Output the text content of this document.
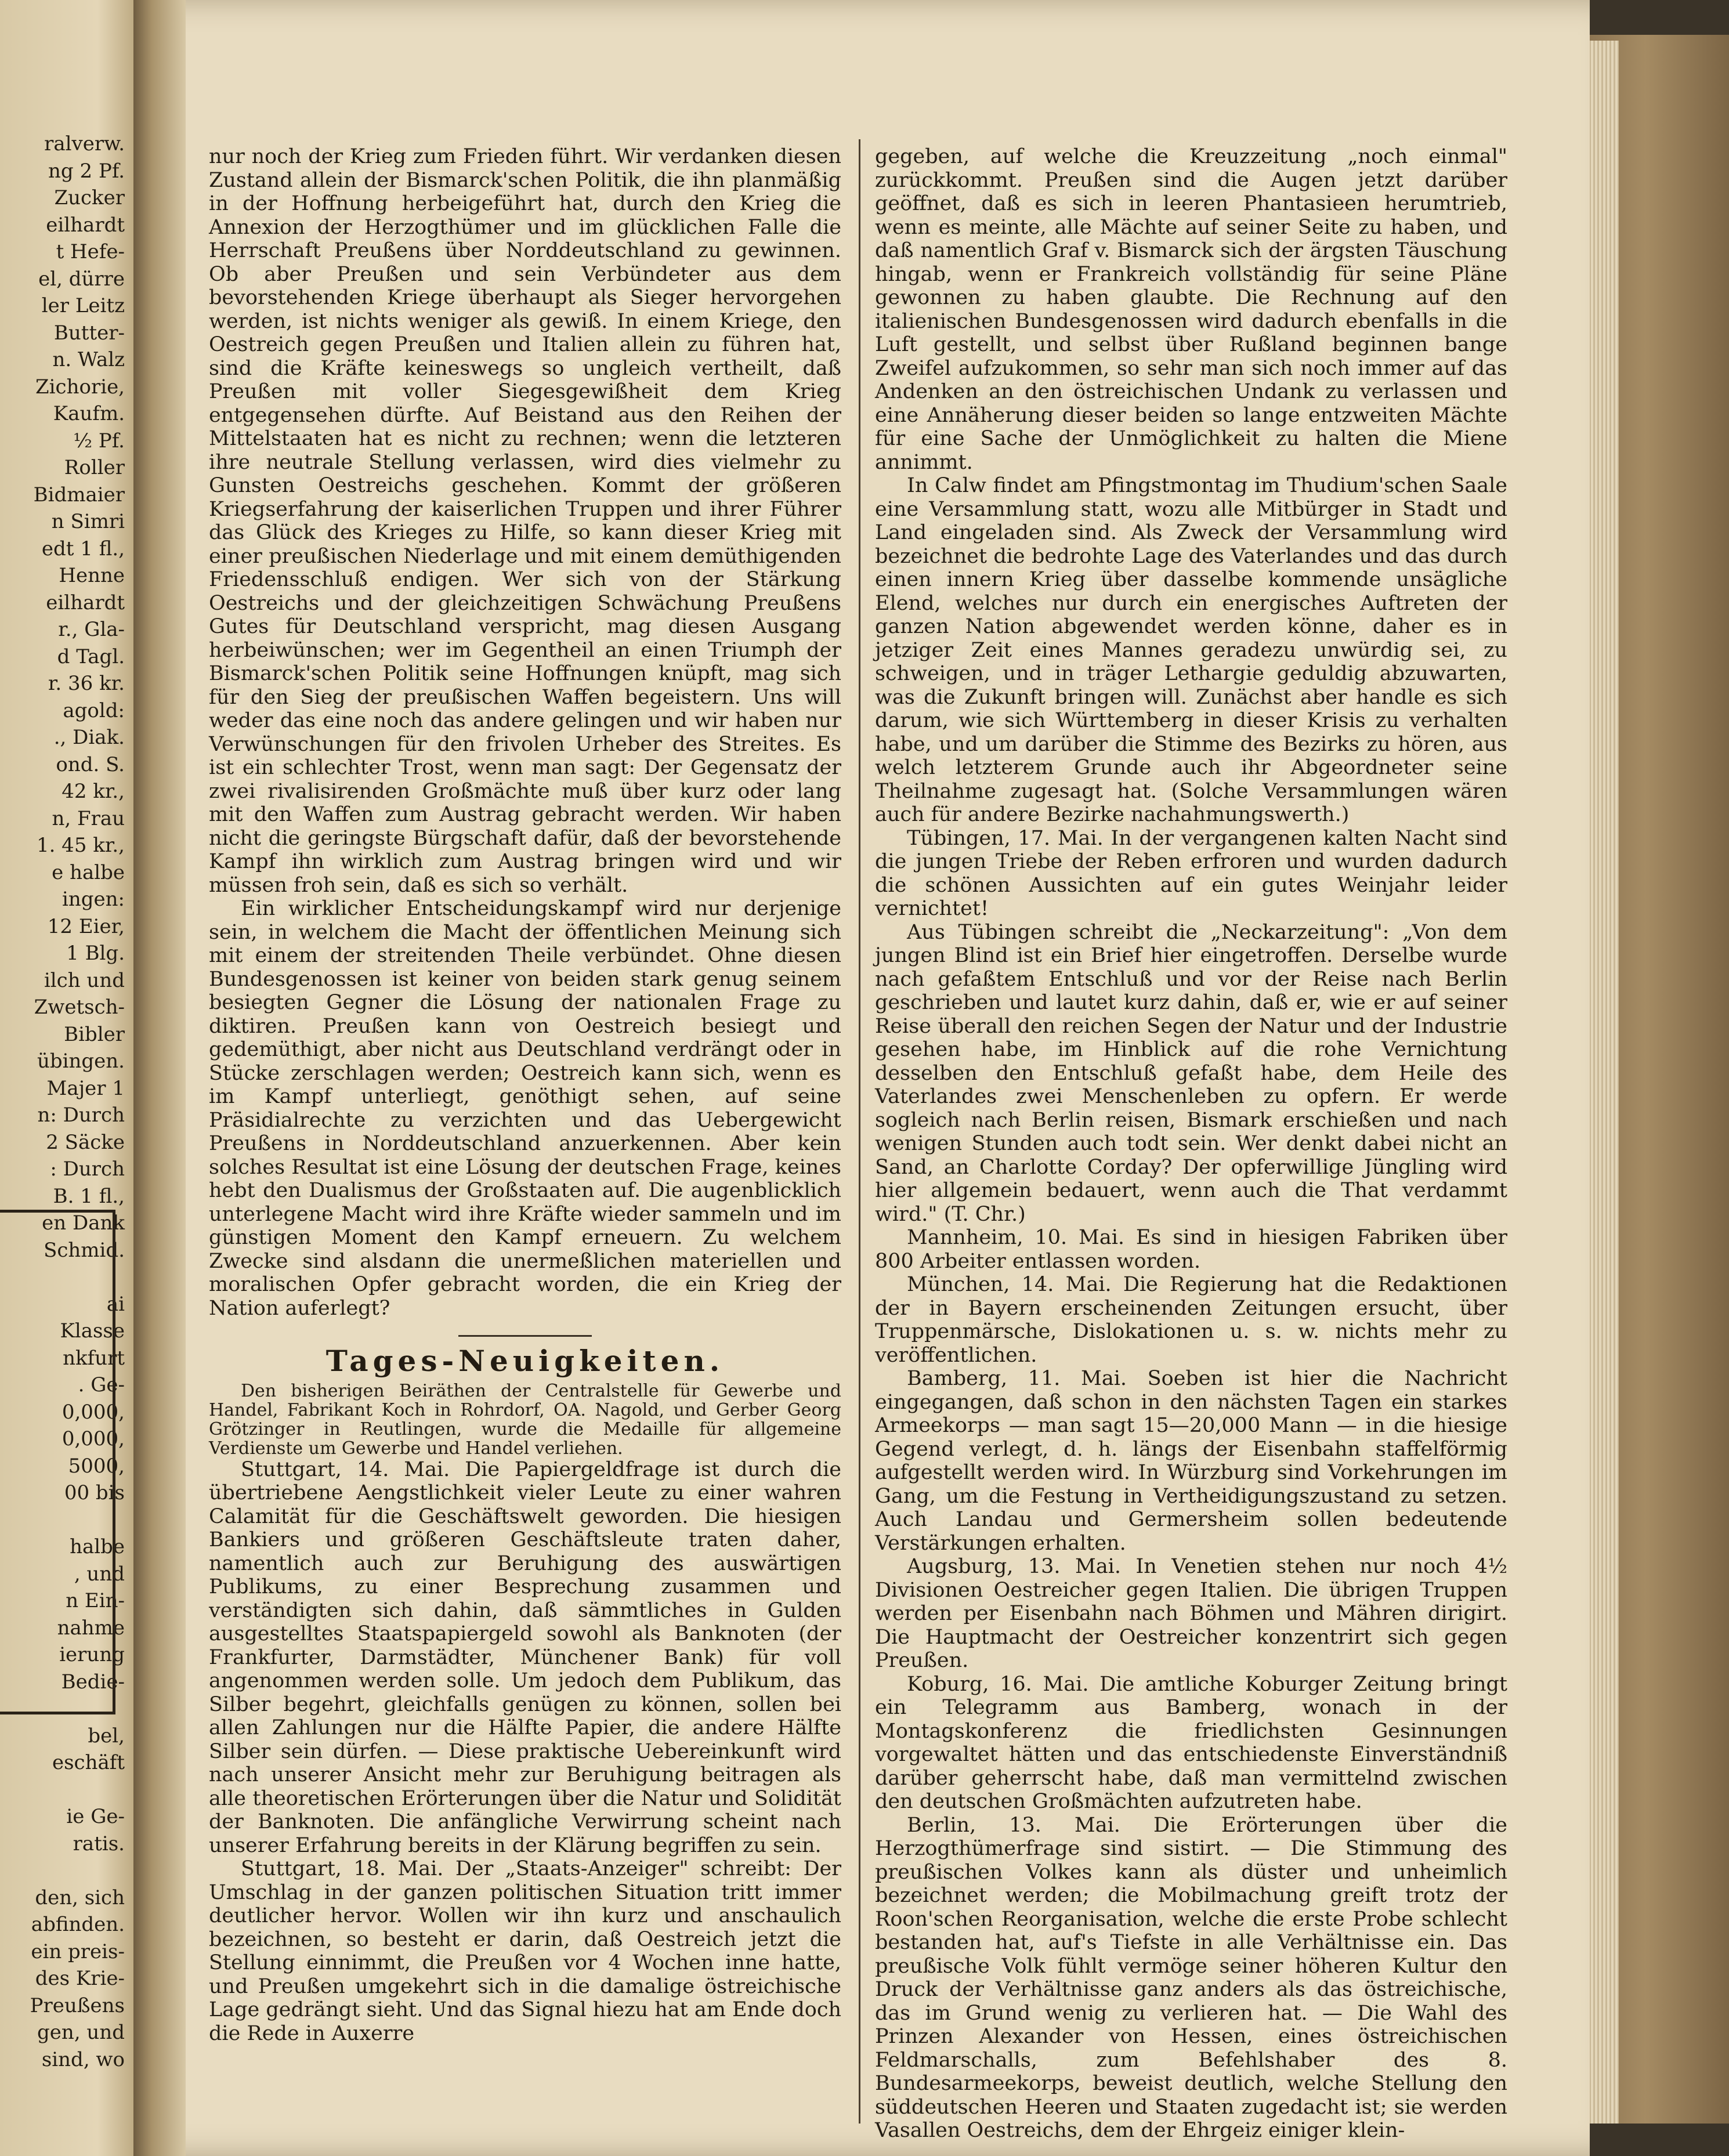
ralverw.

ng 2 Pf.

Zucker

eilhardt

t Hefe-

el, dürre

ler Leitz

Butter-

n. Walz

Zichorie,

Kaufm.

½ Pf.

Roller

Bidmaier

n Simri

edt 1 fl.,

Henne

eilhardt

r., Gla-

d Tagl.

r. 36 kr.

agold:

., Diak.

ond. S.

42 kr.,

n, Frau

1. 45 kr.,

e halbe

ingen:

12 Eier,

1 Blg.

ilch und

Zwetsch-

Bibler

übingen.

Majer 1

n: Durch

2 Säcke

: Durch

B. 1 fl.,

en Dank

Schmid.

ai

Klasse

nkfurt

. Ge-

0,000,

0,000,

5000,

00 bis

halbe

, und

n Ein-

nahme

ierung

Bedie-

bel,

eschäft

ie Ge-

ratis.

den, sich

abfinden.

ein preis-

des Krie-

Preußens

gen, und

sind, wo

nur noch der Krieg zum Frieden führt. Wir verdanken diesen Zustand allein der Bismarck'schen Politik, die ihn planmäßig in der Hoffnung herbeigeführt hat, durch den Krieg die Annexion der Herzogthümer und im glücklichen Falle die Herrschaft Preußens über Norddeutschland zu gewinnen. Ob aber Preußen und sein Verbündeter aus dem bevorstehenden Kriege überhaupt als Sieger hervorgehen werden, ist nichts weniger als gewiß. In einem Kriege, den Oestreich gegen Preußen und Italien allein zu führen hat, sind die Kräfte keineswegs so ungleich vertheilt, daß Preußen mit voller Siegesgewißheit dem Krieg entgegensehen dürfte. Auf Beistand aus den Reihen der Mittelstaaten hat es nicht zu rechnen; wenn die letzteren ihre neutrale Stellung verlassen, wird dies vielmehr zu Gunsten Oestreichs geschehen. Kommt der größeren Kriegserfahrung der kaiserlichen Truppen und ihrer Führer das Glück des Krieges zu Hilfe, so kann dieser Krieg mit einer preußischen Niederlage und mit einem demüthigenden Friedensschluß endigen. Wer sich von der Stärkung Oestreichs und der gleichzeitigen Schwächung Preußens Gutes für Deutschland verspricht, mag diesen Ausgang herbeiwünschen; wer im Gegentheil an einen Triumph der Bismarck'schen Politik seine Hoffnungen knüpft, mag sich für den Sieg der preußischen Waffen begeistern. Uns will weder das eine noch das andere gelingen und wir haben nur Verwünschungen für den frivolen Urheber des Streites. Es ist ein schlechter Trost, wenn man sagt: Der Gegensatz der zwei rivalisirenden Großmächte muß über kurz oder lang mit den Waffen zum Austrag gebracht werden. Wir haben nicht die geringste Bürgschaft dafür, daß der bevorstehende Kampf ihn wirklich zum Austrag bringen wird und wir müssen froh sein, daß es sich so verhält.

Ein wirklicher Entscheidungskampf wird nur derjenige sein, in welchem die Macht der öffentlichen Meinung sich mit einem der streitenden Theile verbündet. Ohne diesen Bundesgenossen ist keiner von beiden stark genug seinem besiegten Gegner die Lösung der nationalen Frage zu diktiren. Preußen kann von Oestreich besiegt und gedemüthigt, aber nicht aus Deutschland verdrängt oder in Stücke zerschlagen werden; Oestreich kann sich, wenn es im Kampf unterliegt, genöthigt sehen, auf seine Präsidialrechte zu verzichten und das Uebergewicht Preußens in Norddeutschland anzuerkennen. Aber kein solches Resultat ist eine Lösung der deutschen Frage, keines hebt den Dualismus der Großstaaten auf. Die augenblicklich unterlegene Macht wird ihre Kräfte wieder sammeln und im günstigen Moment den Kampf erneuern. Zu welchem Zwecke sind alsdann die unermeßlichen materiellen und moralischen Opfer gebracht worden, die ein Krieg der Nation auferlegt?

Tages-Neuigkeiten.

Den bisherigen Beiräthen der Centralstelle für Gewerbe und Handel, Fabrikant Koch in Rohrdorf, OA. Nagold, und Gerber Georg Grötzinger in Reutlingen, wurde die Medaille für allgemeine Verdienste um Gewerbe und Handel verliehen.

Stuttgart, 14. Mai. Die Papiergeldfrage ist durch die übertriebene Aengstlichkeit vieler Leute zu einer wahren Calamität für die Geschäftswelt geworden. Die hiesigen Bankiers und größeren Geschäftsleute traten daher, namentlich auch zur Beruhigung des auswärtigen Publikums, zu einer Besprechung zusammen und verständigten sich dahin, daß sämmtliches in Gulden ausgestelltes Staatspapiergeld sowohl als Banknoten (der Frankfurter, Darmstädter, Münchener Bank) für voll angenommen werden solle. Um jedoch dem Publikum, das Silber begehrt, gleichfalls genügen zu können, sollen bei allen Zahlungen nur die Hälfte Papier, die andere Hälfte Silber sein dürfen. — Diese praktische Uebereinkunft wird nach unserer Ansicht mehr zur Beruhigung beitragen als alle theoretischen Erörterungen über die Natur und Solidität der Banknoten. Die anfängliche Verwirrung scheint nach unserer Erfahrung bereits in der Klärung begriffen zu sein.

Stuttgart, 18. Mai. Der „Staats-Anzeiger" schreibt: Der Umschlag in der ganzen politischen Situation tritt immer deutlicher hervor. Wollen wir ihn kurz und anschaulich bezeichnen, so besteht er darin, daß Oestreich jetzt die Stellung einnimmt, die Preußen vor 4 Wochen inne hatte, und Preußen umgekehrt sich in die damalige östreichische Lage gedrängt sieht. Und das Signal hiezu hat am Ende doch die Rede in Auxerre

gegeben, auf welche die Kreuzzeitung „noch einmal" zurückkommt. Preußen sind die Augen jetzt darüber geöffnet, daß es sich in leeren Phantasieen herumtrieb, wenn es meinte, alle Mächte auf seiner Seite zu haben, und daß namentlich Graf v. Bismarck sich der ärgsten Täuschung hingab, wenn er Frankreich vollständig für seine Pläne gewonnen zu haben glaubte. Die Rechnung auf den italienischen Bundesgenossen wird dadurch ebenfalls in die Luft gestellt, und selbst über Rußland beginnen bange Zweifel aufzukommen, so sehr man sich noch immer auf das Andenken an den östreichischen Undank zu verlassen und eine Annäherung dieser beiden so lange entzweiten Mächte für eine Sache der Unmöglichkeit zu halten die Miene annimmt.

In Calw findet am Pfingstmontag im Thudium'schen Saale eine Versammlung statt, wozu alle Mitbürger in Stadt und Land eingeladen sind. Als Zweck der Versammlung wird bezeichnet die bedrohte Lage des Vaterlandes und das durch einen innern Krieg über dasselbe kommende unsägliche Elend, welches nur durch ein energisches Auftreten der ganzen Nation abgewendet werden könne, daher es in jetziger Zeit eines Mannes geradezu unwürdig sei, zu schweigen, und in träger Lethargie geduldig abzuwarten, was die Zukunft bringen will. Zunächst aber handle es sich darum, wie sich Württemberg in dieser Krisis zu verhalten habe, und um darüber die Stimme des Bezirks zu hören, aus welch letzterem Grunde auch ihr Abgeordneter seine Theilnahme zugesagt hat. (Solche Versammlungen wären auch für andere Bezirke nachahmungswerth.)

Tübingen, 17. Mai. In der vergangenen kalten Nacht sind die jungen Triebe der Reben erfroren und wurden dadurch die schönen Aussichten auf ein gutes Weinjahr leider vernichtet!

Aus Tübingen schreibt die „Neckarzeitung": „Von dem jungen Blind ist ein Brief hier eingetroffen. Derselbe wurde nach gefaßtem Entschluß und vor der Reise nach Berlin geschrieben und lautet kurz dahin, daß er, wie er auf seiner Reise überall den reichen Segen der Natur und der Industrie gesehen habe, im Hinblick auf die rohe Vernichtung desselben den Entschluß gefaßt habe, dem Heile des Vaterlandes zwei Menschenleben zu opfern. Er werde sogleich nach Berlin reisen, Bismark erschießen und nach wenigen Stunden auch todt sein. Wer denkt dabei nicht an Sand, an Charlotte Corday? Der opferwillige Jüngling wird hier allgemein bedauert, wenn auch die That verdammt wird." (T. Chr.)

Mannheim, 10. Mai. Es sind in hiesigen Fabriken über 800 Arbeiter entlassen worden.

München, 14. Mai. Die Regierung hat die Redaktionen der in Bayern erscheinenden Zeitungen ersucht, über Truppenmärsche, Dislokationen u. s. w. nichts mehr zu veröffentlichen.

Bamberg, 11. Mai. Soeben ist hier die Nachricht eingegangen, daß schon in den nächsten Tagen ein starkes Armeekorps — man sagt 15—20,000 Mann — in die hiesige Gegend verlegt, d. h. längs der Eisenbahn staffelförmig aufgestellt werden wird. In Würzburg sind Vorkehrungen im Gang, um die Festung in Vertheidigungszustand zu setzen. Auch Landau und Germersheim sollen bedeutende Verstärkungen erhalten.

Augsburg, 13. Mai. In Venetien stehen nur noch 4½ Divisionen Oestreicher gegen Italien. Die übrigen Truppen werden per Eisenbahn nach Böhmen und Mähren dirigirt. Die Hauptmacht der Oestreicher konzentrirt sich gegen Preußen.

Koburg, 16. Mai. Die amtliche Koburger Zeitung bringt ein Telegramm aus Bamberg, wonach in der Montagskonferenz die friedlichsten Gesinnungen vorgewaltet hätten und das entschiedenste Einverständniß darüber geherrscht habe, daß man vermittelnd zwischen den deutschen Großmächten aufzutreten habe.

Berlin, 13. Mai. Die Erörterungen über die Herzogthümerfrage sind sistirt. — Die Stimmung des preußischen Volkes kann als düster und unheimlich bezeichnet werden; die Mobilmachung greift trotz der Roon'schen Reorganisation, welche die erste Probe schlecht bestanden hat, auf's Tiefste in alle Verhältnisse ein. Das preußische Volk fühlt vermöge seiner höheren Kultur den Druck der Verhältnisse ganz anders als das östreichische, das im Grund wenig zu verlieren hat. — Die Wahl des Prinzen Alexander von Hessen, eines östreichischen Feldmarschalls, zum Befehlshaber des 8. Bundesarmeekorps, beweist deutlich, welche Stellung den süddeutschen Heeren und Staaten zugedacht ist; sie werden Vasallen Oestreichs, dem der Ehrgeiz einiger klein-
